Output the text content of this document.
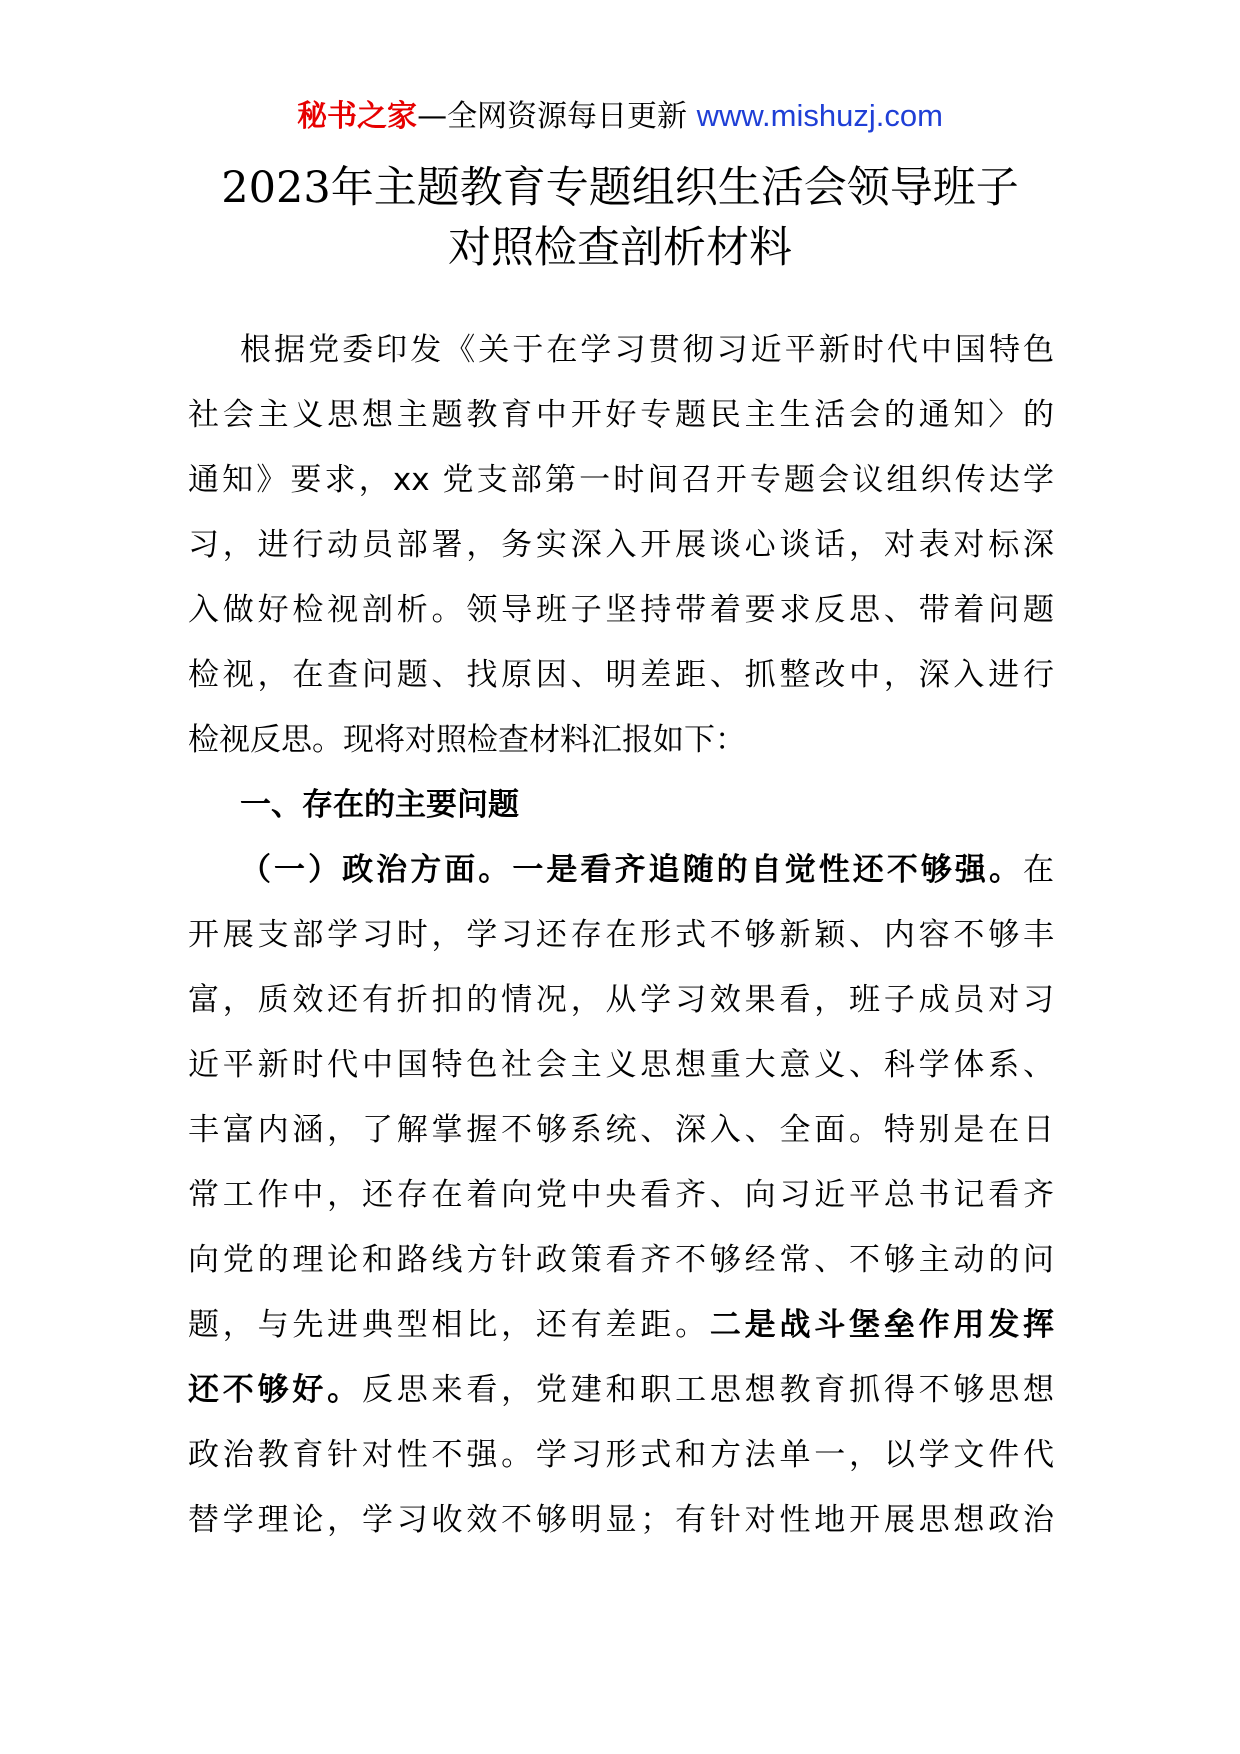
秘书之家—全网资源每日更新 www.mishuzj.com
2023年主题教育专题组织生活会领导班子
对照检查剖析材料
根据党委印发《关于在学习贯彻习近平新时代中国特色
社会主义思想主题教育中开好专题民主生活会的通知〉的
通知》要求，xx 党支部第一时间召开专题会议组织传达学
习，进行动员部署，务实深入开展谈心谈话，对表对标深
入做好检视剖析。领导班子坚持带着要求反思、带着问题
检视，在查问题、找原因、明差距、抓整改中，深入进行
检视反思。现将对照检查材料汇报如下：
一、存在的主要问题
（一）政治方面。一是看齐追随的自觉性还不够强。在
开展支部学习时，学习还存在形式不够新颖、内容不够丰
富，质效还有折扣的情况，从学习效果看，班子成员对习
近平新时代中国特色社会主义思想重大意义、科学体系、
丰富内涵，了解掌握不够系统、深入、全面。特别是在日
常工作中，还存在着向党中央看齐、向习近平总书记看齐
向党的理论和路线方针政策看齐不够经常、不够主动的问
题，与先进典型相比，还有差距。二是战斗堡垒作用发挥
还不够好。反思来看，党建和职工思想教育抓得不够思想
政治教育针对性不强。学习形式和方法单一，以学文件代
替学理论，学习收效不够明显；有针对性地开展思想政治
